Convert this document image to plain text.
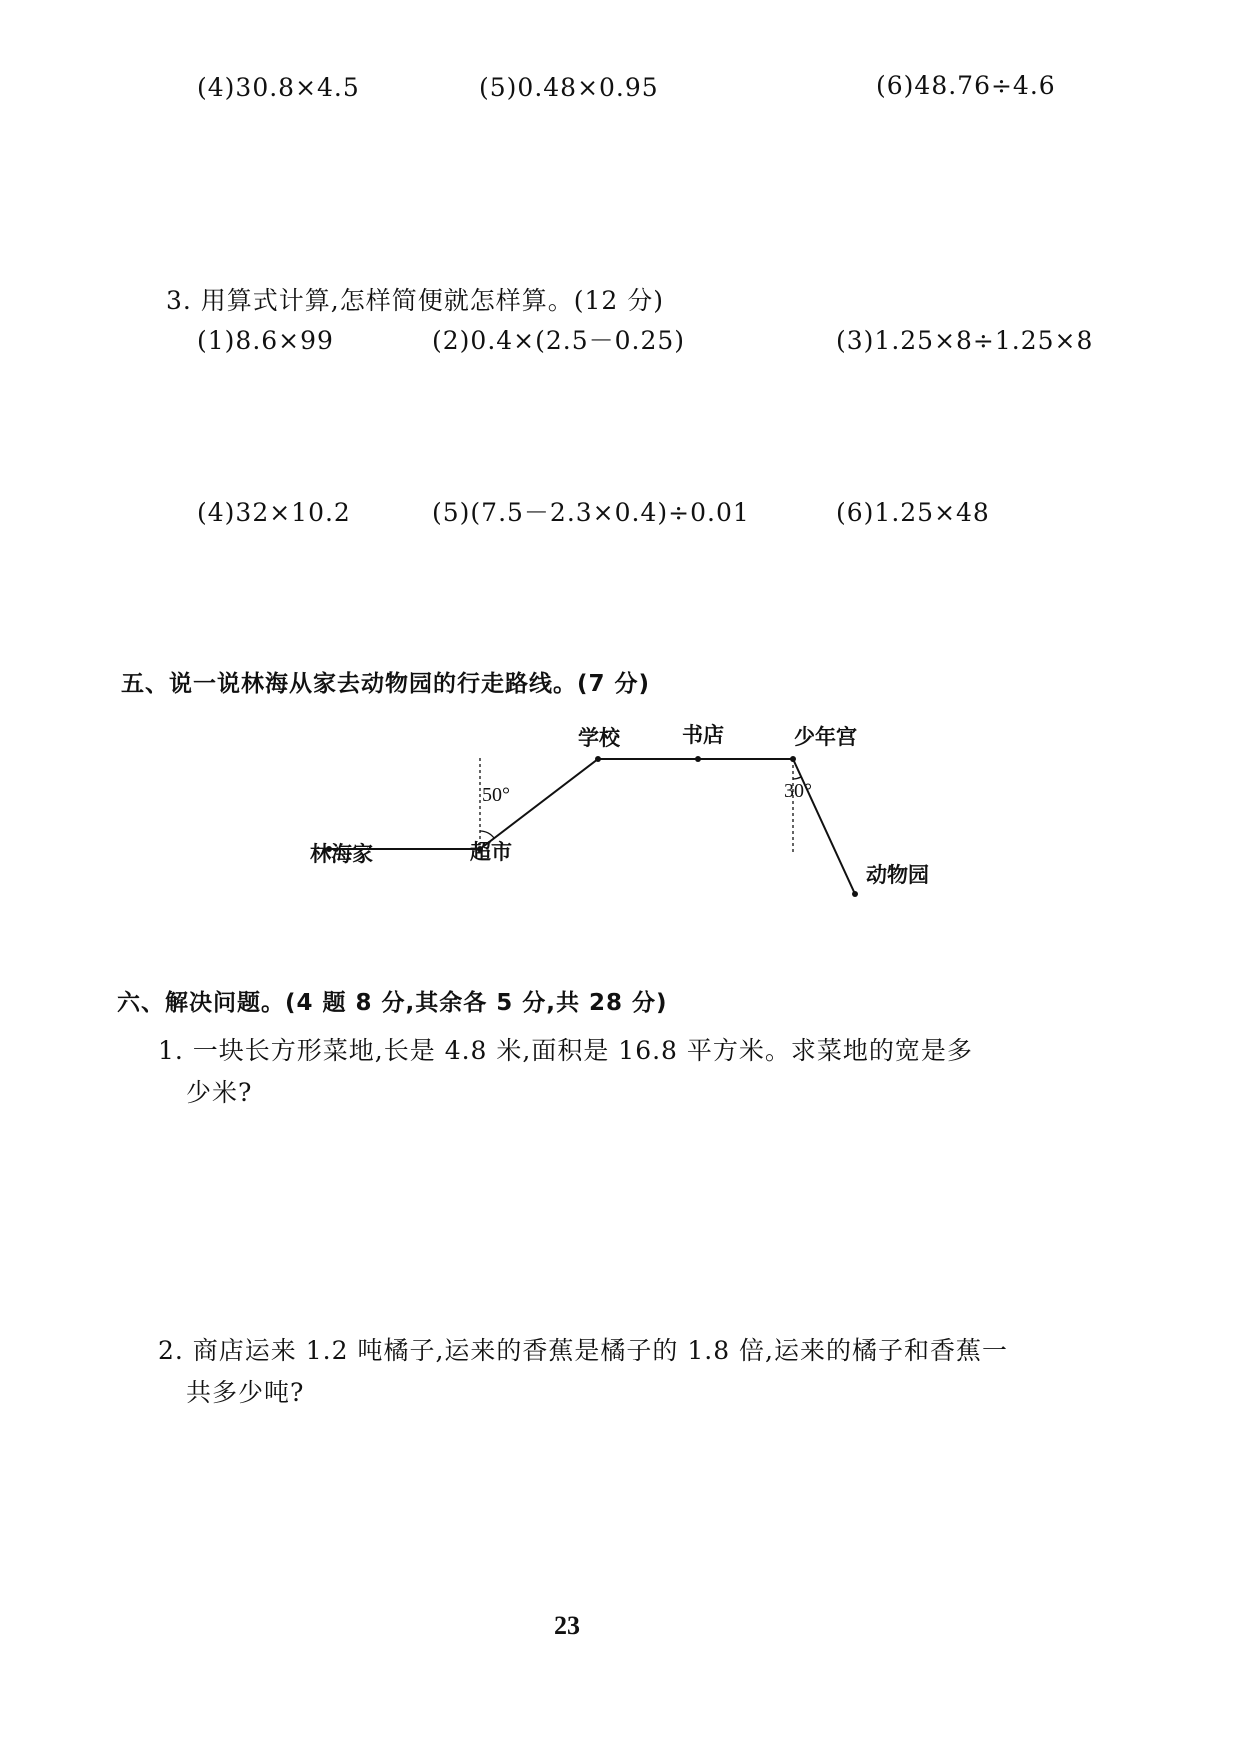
(4)30.8×4.5	(5)0.48×0.95	(6)48.76÷4.6
3. 用算式计算,怎样简便就怎样算。(12 分)
(1)8.6×99	(2)0.4×(2.5－0.25)	(3)1.25×8÷1.25×8
(4)32×10.2	(5)(7.5－2.3×0.4)÷0.01	(6)1.25×48
五、说一说林海从家去动物园的行走路线。(7 分)
林海家	超市
学校	书店	少年宫
动物园
50°	30°
六、解决问题。(4 题 8 分,其余各 5 分,共 28 分)
1. 一块长方形菜地,长是 4.8 米,面积是 16.8 平方米。求菜地的宽是多
少米?
2. 商店运来 1.2 吨橘子,运来的香蕉是橘子的 1.8 倍,运来的橘子和香蕉一
共多少吨?
23
